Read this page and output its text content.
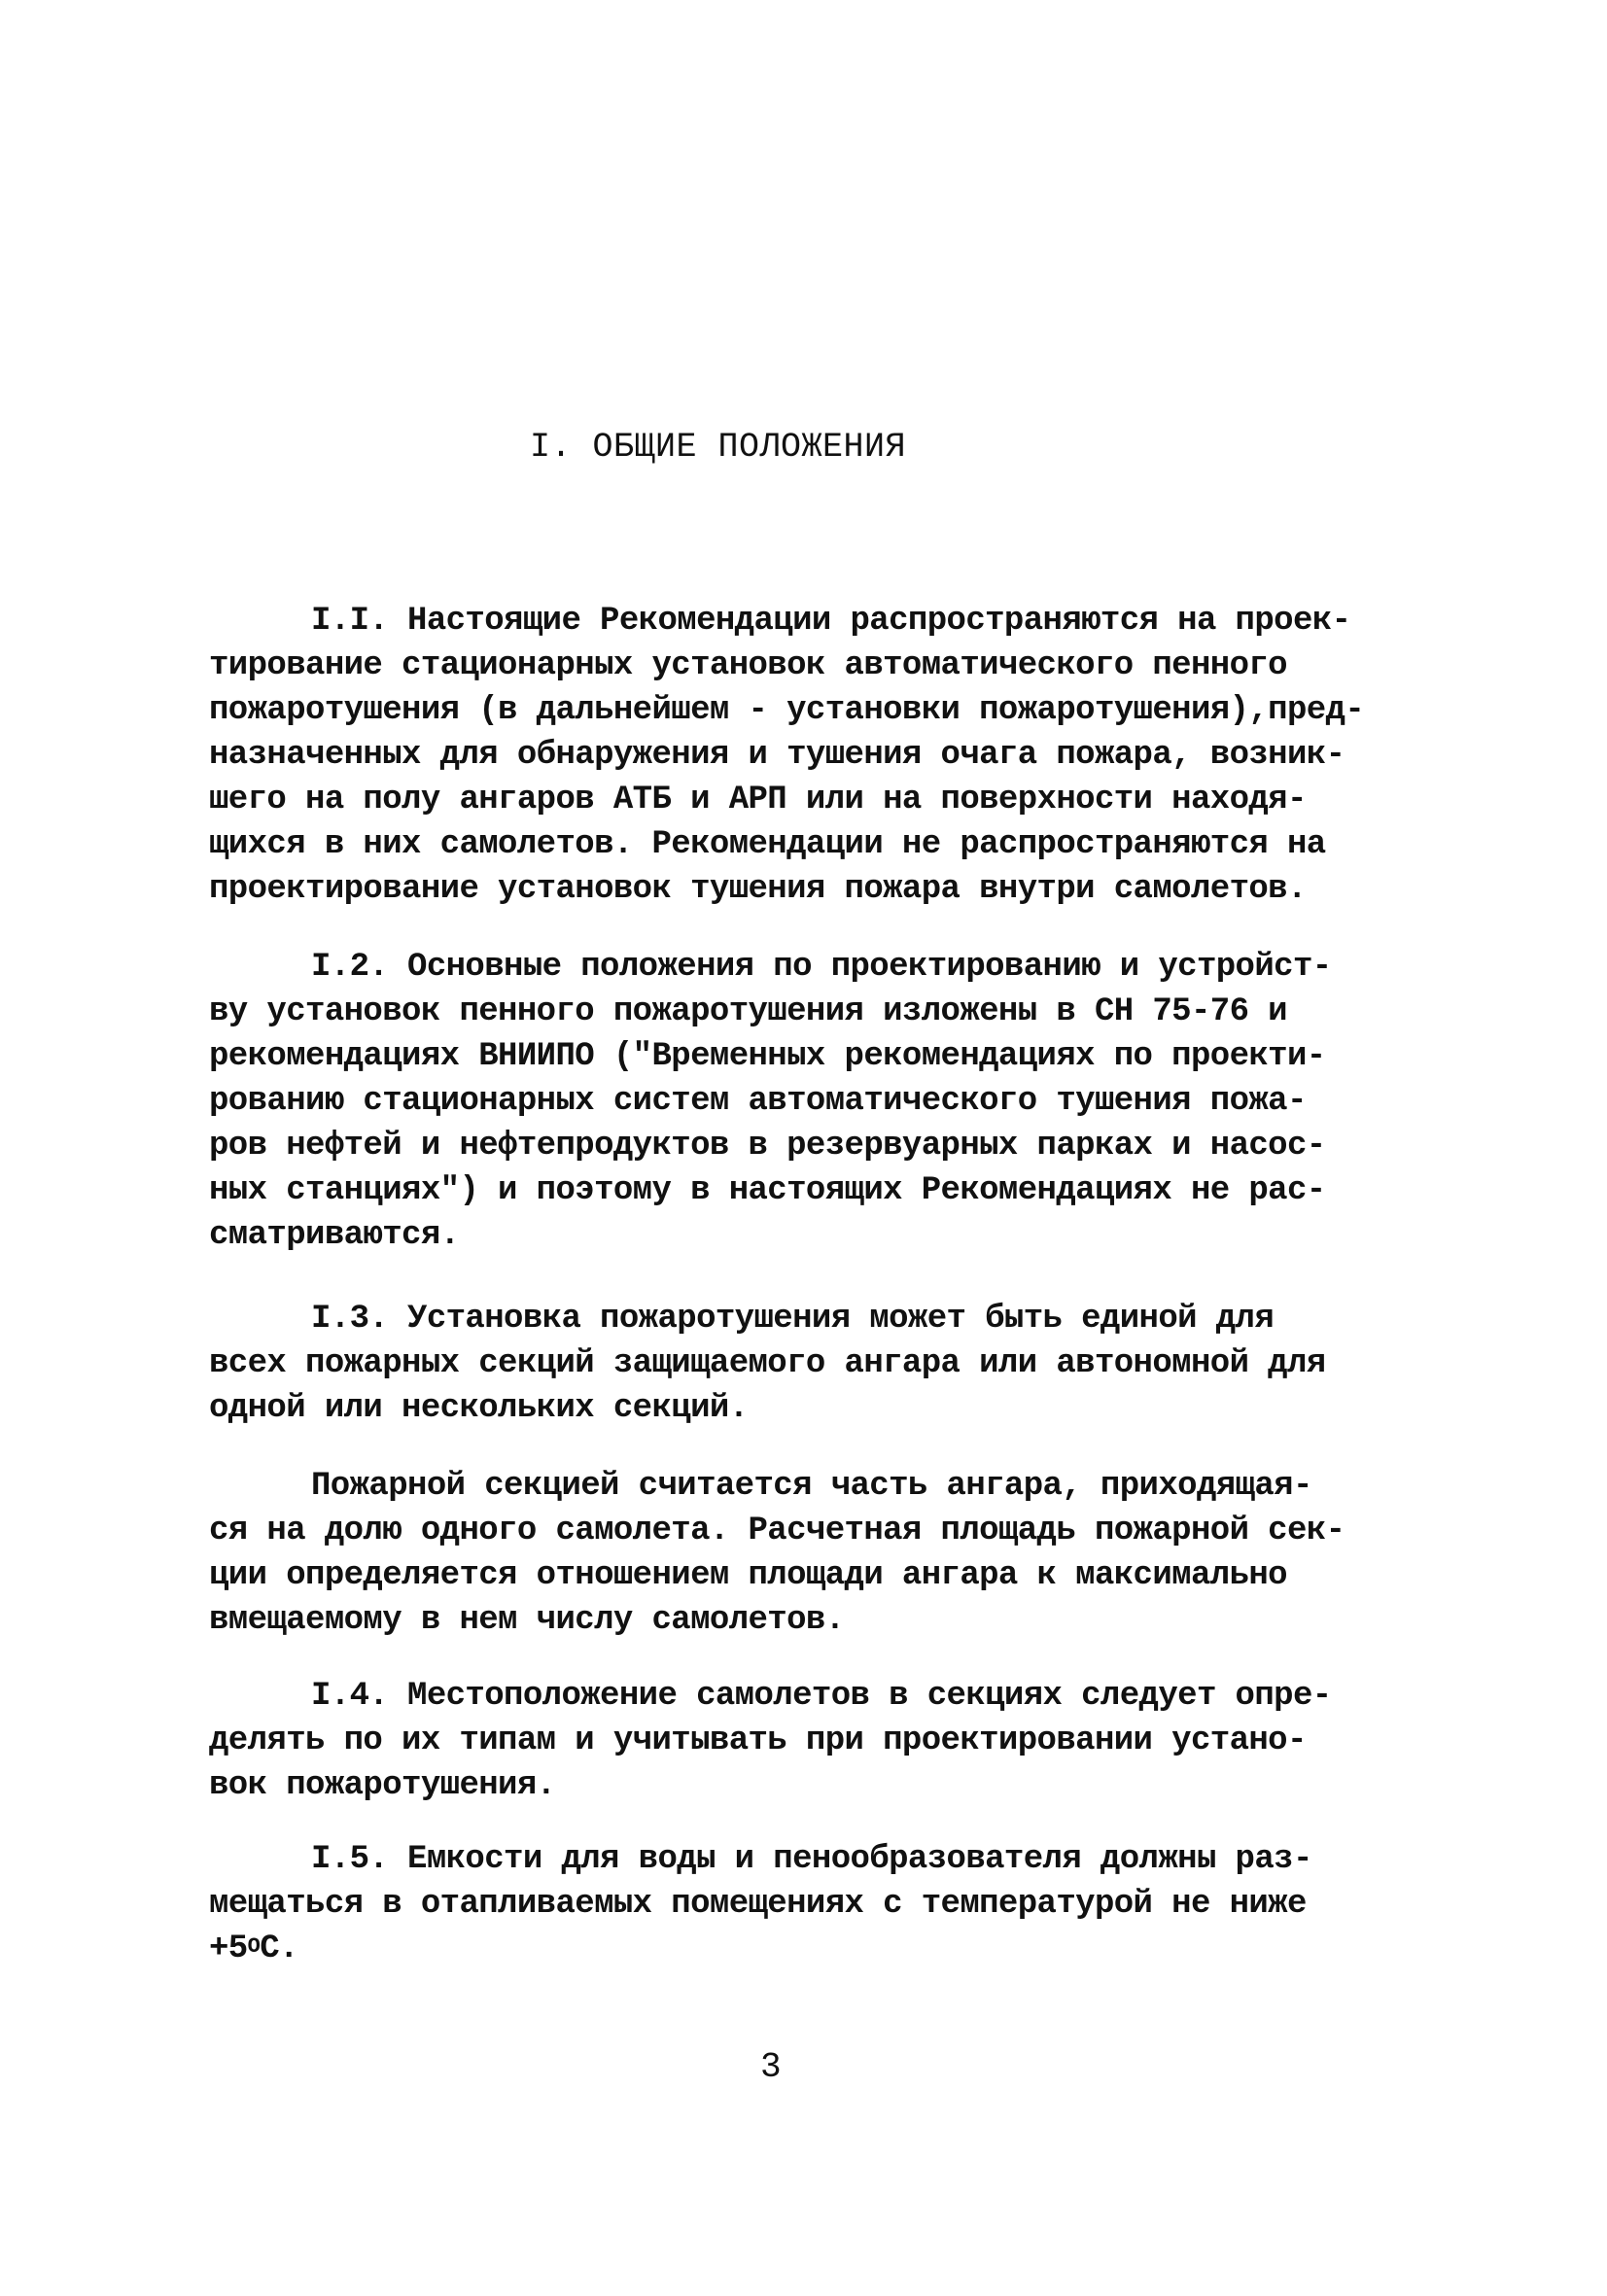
I. ОБЩИЕ ПОЛОЖЕНИЯ
I.I. Настоящие Рекомендации распространяются на проек-
тирование стационарных установок автоматического пенного
пожаротушения (в дальнейшем - установки пожаротушения),пред-
назначенных для обнаружения и тушения очага пожара, возник-
шего на полу ангаров АТБ и АРП или на поверхности находя-
щихся в них самолетов. Рекомендации не распространяются на
проектирование установок тушения пожара внутри самолетов.
I.2. Основные положения по проектированию и устройст-
ву установок пенного пожаротушения изложены в СН 75-76 и
рекомендациях ВНИИПО ("Временных рекомендациях по проекти-
рованию стационарных систем автоматического тушения пожа-
ров нефтей и нефтепродуктов в резервуарных парках и насос-
ных станциях") и поэтому в настоящих Рекомендациях не рас-
сматриваются.
I.3. Установка пожаротушения может быть единой для
всех пожарных секций защищаемого ангара или автономной для
одной или нескольких секций.
Пожарной секцией считается часть ангара, приходящая-
ся на долю одного самолета. Расчетная площадь пожарной сек-
ции определяется отношением площади ангара к максимально
вмещаемому в нем числу самолетов.
I.4. Местоположение самолетов в секциях следует опре-
делять по их типам и учитывать при проектировании устано-
вок пожаротушения.
I.5. Емкости для воды и пенообразователя должны раз-
мещаться в отапливаемых помещениях с температурой не ниже
$+5^ОС$.
3
